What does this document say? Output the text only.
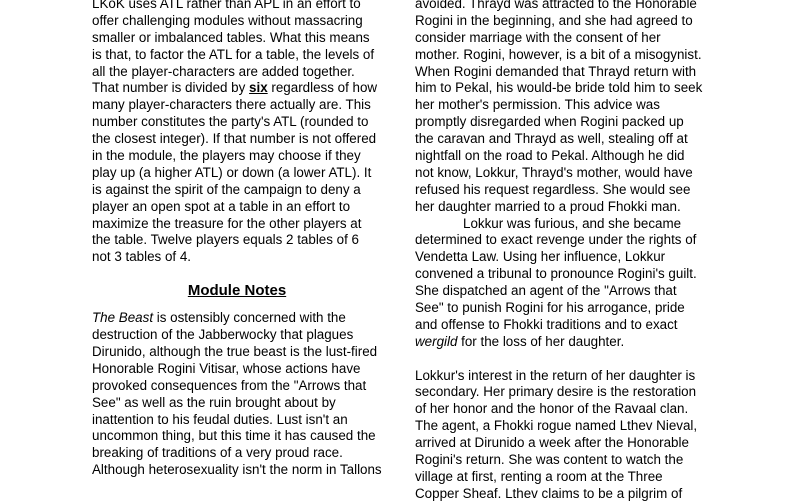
LKoK uses ATL rather than APL in an effort to
offer challenging modules without massacring
smaller or imbalanced tables. What this means
is that, to factor the ATL for a table, the levels of
all the player-characters are added together.
That number is divided by six regardless of how
many player-characters there actually are. This
number constitutes the party's ATL (rounded to
the closest integer). If that number is not offered
in the module, the players may choose if they
play up (a higher ATL) or down (a lower ATL). It
is against the spirit of the campaign to deny a
player an open spot at a table in an effort to
maximize the treasure for the other players at
the table. Twelve players equals 2 tables of 6
not 3 tables of 4.
Module Notes
The Beast is ostensibly concerned with the
destruction of the Jabberwocky that plagues
Dirunido, although the true beast is the lust-fired
Honorable Rogini Vitisar, whose actions have
provoked consequences from the "Arrows that
See" as well as the ruin brought about by
inattention to his feudal duties. Lust isn't an
uncommon thing, but this time it has caused the
breaking of traditions of a very proud race.
Although heterosexuality isn't the norm in Tallons
avoided. Thrayd was attracted to the Honorable
Rogini in the beginning, and she had agreed to
consider marriage with the consent of her
mother. Rogini, however, is a bit of a misogynist.
When Rogini demanded that Thrayd return with
him to Pekal, his would-be bride told him to seek
her mother's permission. This advice was
promptly disregarded when Rogini packed up
the caravan and Thrayd as well, stealing off at
nightfall on the road to Pekal. Although he did
not know, Lokkur, Thrayd's mother, would have
refused his request regardless. She would see
her daughter married to a proud Fhokki man.
Lokkur was furious, and she became
determined to exact revenge under the rights of
Vendetta Law. Using her influence, Lokkur
convened a tribunal to pronounce Rogini's guilt.
She dispatched an agent of the "Arrows that
See" to punish Rogini for his arrogance, pride
and offense to Fhokki traditions and to exact
wergild for the loss of her daughter.
Lokkur's interest in the return of her daughter is
secondary. Her primary desire is the restoration
of her honor and the honor of the Ravaal clan.
The agent, a Fhokki rogue named Lthev Nieval,
arrived at Dirunido a week after the Honorable
Rogini's return. She was content to watch the
village at first, renting a room at the Three
Copper Sheaf. Lthev claims to be a pilgrim of
